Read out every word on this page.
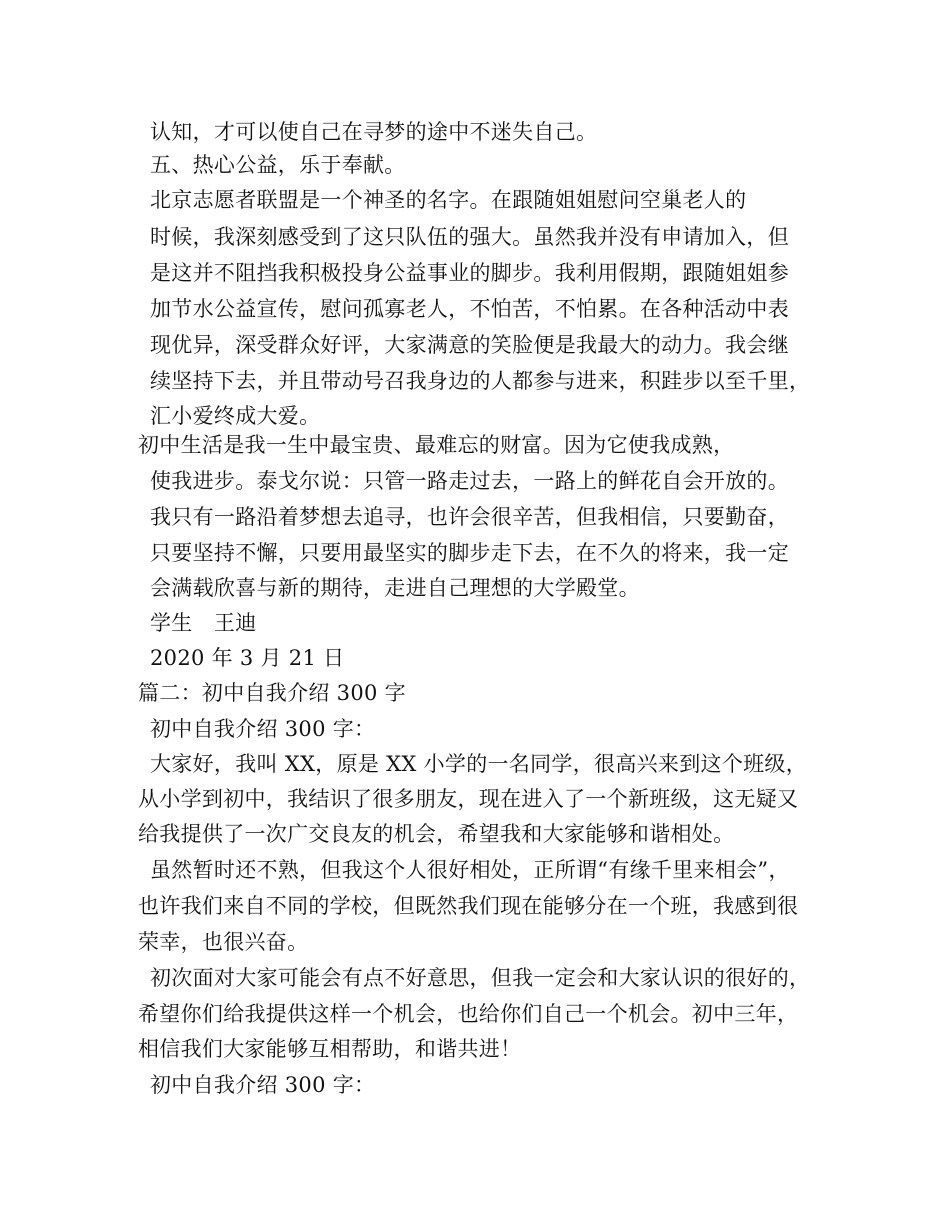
认知，才可以使自己在寻梦的途中不迷失自己。
五、热心公益，乐于奉献。
北京志愿者联盟是一个神圣的名字。在跟随姐姐慰问空巢老人的
时候，我深刻感受到了这只队伍的强大。虽然我并没有申请加入，但
是这并不阻挡我积极投身公益事业的脚步。我利用假期，跟随姐姐参
加节水公益宣传，慰问孤寡老人，不怕苦，不怕累。在各种活动中表
现优异，深受群众好评，大家满意的笑脸便是我最大的动力。我会继
续坚持下去，并且带动号召我身边的人都参与进来，积跬步以至千里，
汇小爱终成大爱。
初中生活是我一生中最宝贵、最难忘的财富。因为它使我成熟，
使我进步。泰戈尔说：只管一路走过去，一路上的鲜花自会开放的。
我只有一路沿着梦想去追寻，也许会很辛苦，但我相信，只要勤奋，
只要坚持不懈，只要用最坚实的脚步走下去，在不久的将来，我一定
会满载欣喜与新的期待，走进自己理想的大学殿堂。
学生　王迪
2020 年 3 月 21 日
篇二：初中自我介绍 300 字
初中自我介绍 300 字：
大家好，我叫 XX，原是 XX 小学的一名同学，很高兴来到这个班级，
从小学到初中，我结识了很多朋友，现在进入了一个新班级，这无疑又
给我提供了一次广交良友的机会，希望我和大家能够和谐相处。
虽然暂时还不熟，但我这个人很好相处，正所谓“有缘千里来相会”，
也许我们来自不同的学校，但既然我们现在能够分在一个班，我感到很
荣幸，也很兴奋。
初次面对大家可能会有点不好意思，但我一定会和大家认识的很好的，
希望你们给我提供这样一个机会，也给你们自己一个机会。初中三年，
相信我们大家能够互相帮助，和谐共进！
初中自我介绍 300 字：
